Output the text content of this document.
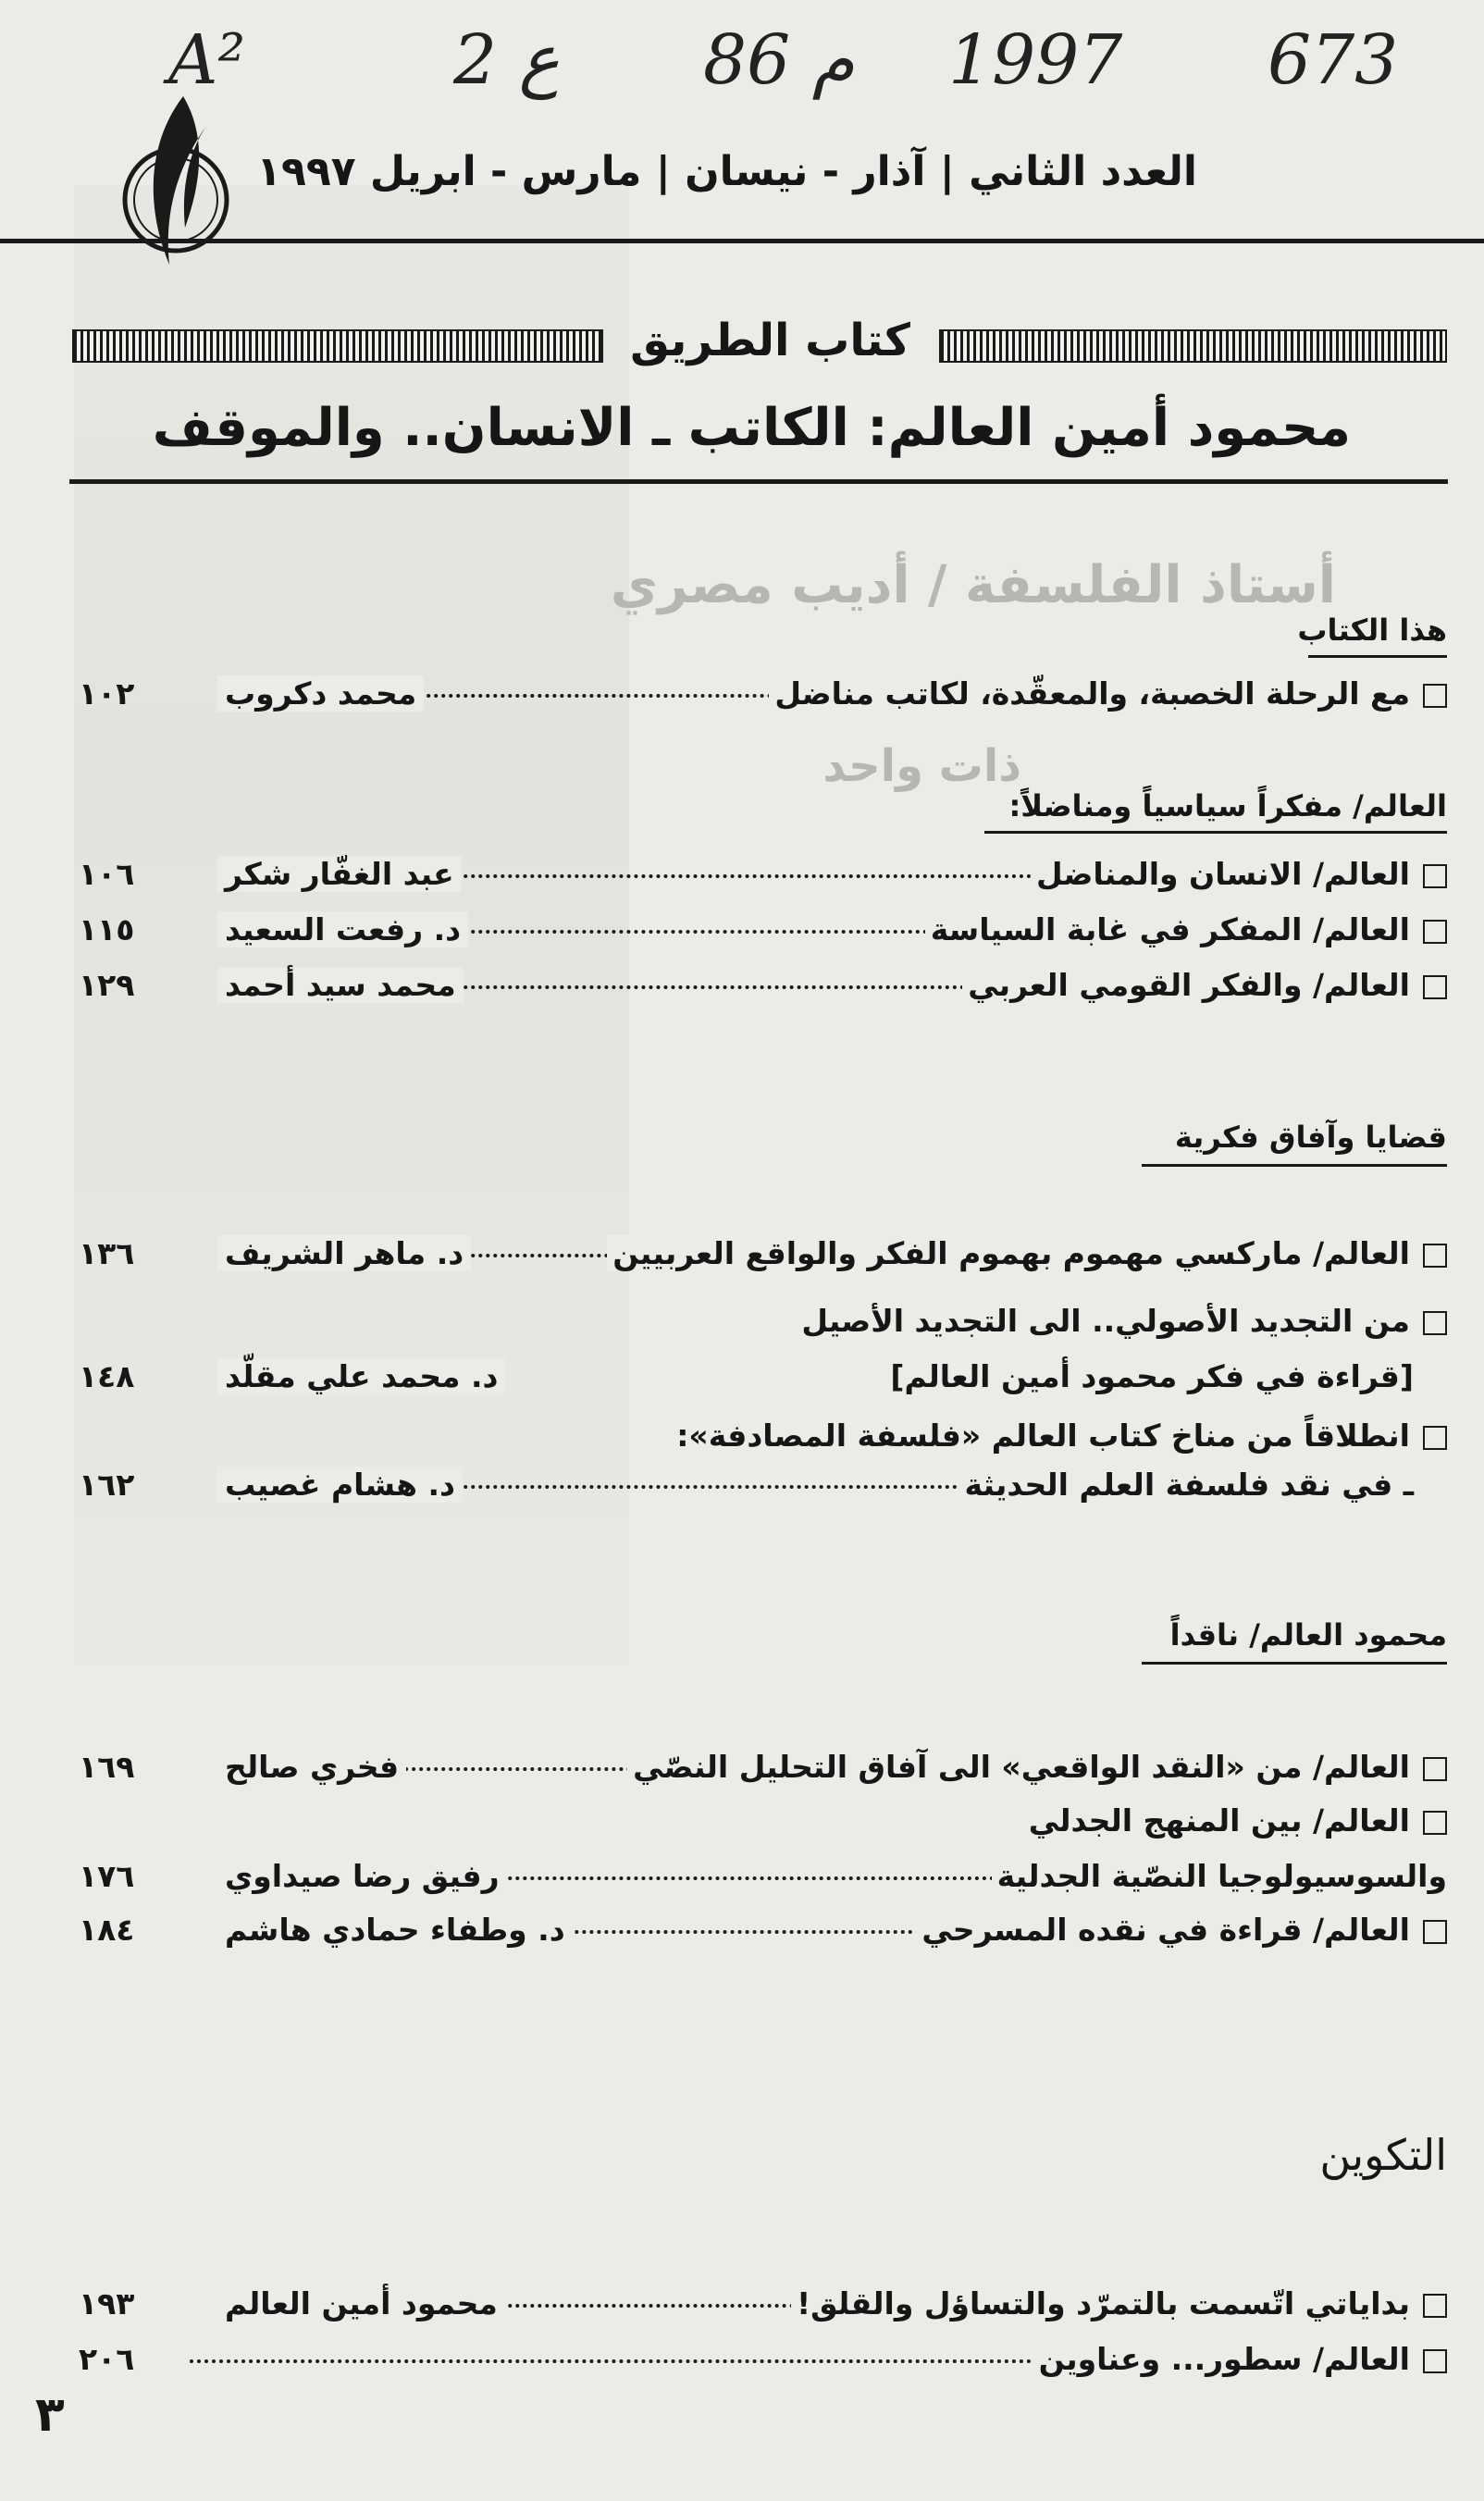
أستاذ الفلسفة / أديب مصري
ذات واحد
A²	2 ع 86 م 1997 673
العدد الثاني | آذار - نيسان | مارس - ابريل ١٩٩٧
كتاب الطريق
محمود أمين العالم: الكاتب ـ الانسان.. والموقف
هذا الكتاب
العالم/ مفكراً سياسياً ومناضلاً:
قضايا وآفاق فكرية
محمود العالم/ ناقداً
التكوين
مع الرحلة الخصبة، والمعقّدة، لكاتب مناضل
محمد دكروب
١٠٢
العالم/ الانسان والمناضل
عبد الغفّار شكر
١٠٦
العالم/ المفكر في غابة السياسة
د. رفعت السعيد
١١٥
العالم/ والفكر القومي العربي
محمد سيد أحمد
١٢٩
العالم/ ماركسي مهموم بهموم الفكر والواقع العربيين
د. ماهر الشريف
١٣٦
من التجديد الأصولي.. الى التجديد الأصيل
[قراءة في فكر محمود أمين العالم]
د. محمد علي مقلّد
١٤٨
انطلاقاً من مناخ كتاب العالم «فلسفة المصادفة»:
ـ في نقد فلسفة العلم الحديثة
د. هشام غصيب
١٦٢
العالم/ من «النقد الواقعي» الى آفاق التحليل النصّي
فخري صالح
١٦٩
العالم/ بين المنهج الجدلي
والسوسيولوجيا النصّية الجدلية
رفيق رضا صيداوي
١٧٦
العالم/ قراءة في نقده المسرحي
د. وطفاء حمادي هاشم
١٨٤
بداياتي اتّسمت بالتمرّد والتساؤل والقلق!
محمود أمين العالم
١٩٣
العالم/ سطور... وعناوين
٢٠٦
٣
